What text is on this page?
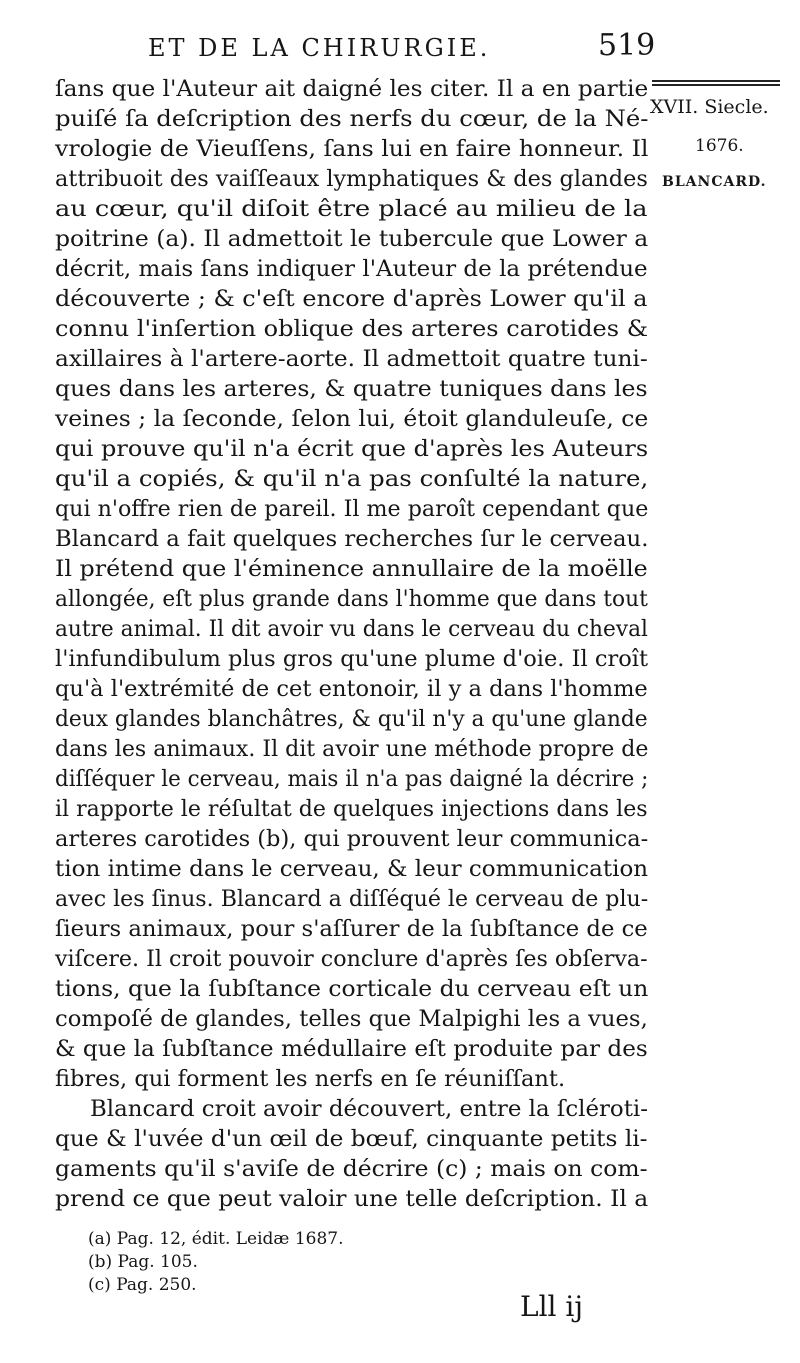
ET DE LA CHIRURGIE.	519
XVII. Siecle.
1676.
BLANCARD.
ſans que l'Auteur ait daigné les citer. Il a en partie
puiſé ſa deſcription des nerfs du cœur, de la Né-
vrologie de Vieuſſens, ſans lui en faire honneur. Il
attribuoit des vaiſſeaux lymphatiques & des glandes
au cœur, qu'il diſoit être placé au milieu de la
poitrine (a). Il admettoit le tubercule que Lower a
décrit, mais ſans indiquer l'Auteur de la prétendue
découverte ; & c'eſt encore d'après Lower qu'il a
connu l'inſertion oblique des arteres carotides &
axillaires à l'artere-aorte. Il admettoit quatre tuni-
ques dans les arteres, & quatre tuniques dans les
veines ; la ſeconde, ſelon lui, étoit glanduleuſe, ce
qui prouve qu'il n'a écrit que d'après les Auteurs
qu'il a copiés, & qu'il n'a pas conſulté la nature,
qui n'offre rien de pareil. Il me paroît cependant que
Blancard a fait quelques recherches ſur le cerveau.
Il prétend que l'éminence annullaire de la moëlle
allongée, eſt plus grande dans l'homme que dans tout
autre animal. Il dit avoir vu dans le cerveau du cheval
l'infundibulum plus gros qu'une plume d'oie. Il croît
qu'à l'extrémité de cet entonoir, il y a dans l'homme
deux glandes blanchâtres, & qu'il n'y a qu'une glande
dans les animaux. Il dit avoir une méthode propre de
diſſéquer le cerveau, mais il n'a pas daigné la décrire ;
il rapporte le réſultat de quelques injections dans les
arteres carotides (b), qui prouvent leur communica-
tion intime dans le cerveau, & leur communication
avec les ſinus. Blancard a diſſéqué le cerveau de plu-
ſieurs animaux, pour s'aſſurer de la ſubſtance de ce
viſcere. Il croit pouvoir conclure d'après ſes obſerva-
tions, que la ſubſtance corticale du cerveau eſt un
compoſé de glandes, telles que Malpighi les a vues,
& que la ſubſtance médullaire eſt produite par des
fibres, qui forment les nerfs en ſe réuniſſant.
Blancard croit avoir découvert, entre la ſcléroti-
que & l'uvée d'un œil de bœuf, cinquante petits li-
gaments qu'il s'aviſe de décrire (c) ; mais on com-
prend ce que peut valoir une telle deſcription. Il a
(a) Pag. 12, édit. Leidæ 1687.
(b) Pag. 105.
(c) Pag. 250.
Lll ij
